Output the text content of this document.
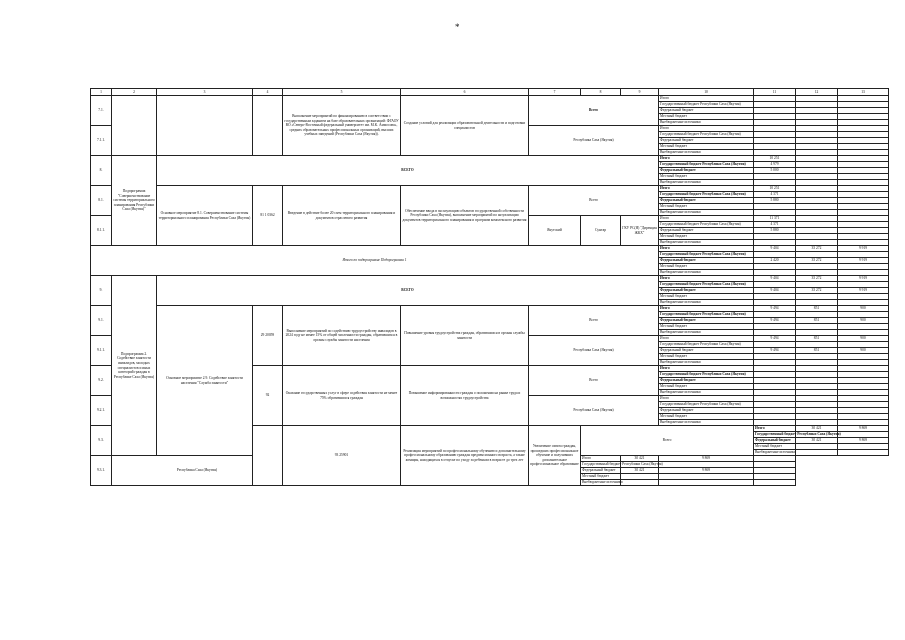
*
1	2	3	4	5	6	7	8	9	10	11	12	13	
7.1.				Выполнение мероприятий по финансированию в соответствии с государственным заданием на базе образовательных организаций: ФГАОУ ВО «Северо-Восточный федеральный университет им. М.К. Аммосова», средних образовательных профессиональных организаций, высших учебных заведений (Республики Саха (Якутия)).	Создание условий для реализации образовательной деятельности и подготовки специалистов	Всего			Итого				
									Государственный бюджет Республики Саха (Якутия)				
									Федеральный бюджет				
									Местный бюджет				
									Внебюджетные источники				
7.1.1.						Республика Саха (Якутия)			Итого				
									Государственный бюджет Республики Саха (Якутия)				
									Федеральный бюджет				
									Местный бюджет				
									Внебюджетные источники				
8.	Подпрограмма "Совершенствование системы территориального планирования Республики Саха (Якутия)"	ВСЕГО							Итого	10 251			
									Государственный бюджет Республики Саха (Якутия)	4 979			
									Федеральный бюджет	5 000			
									Местный бюджет				
									Внебюджетные источники				
8.1.		Основное мероприятие 8.1. Совершенствование системы территориального планирования Республики Саха (Якутия)	81 1 0362	Введение в действие более 20 схем территориального планирования и документов отраслевого развития	Обеспечение ввода в эксплуатацию объектов государственной собственности Республики Саха (Якутия), выполнение мероприятий по актуализации документов территориального планирования и программ комплексного развития	Всего			Итого	10 251			
									Государственный бюджет Республики Саха (Якутия)	4 371			
									Федеральный бюджет	5 880			
									Местный бюджет				
									Внебюджетные источники				
8.1.1.						Якутский	Сунтар	ГКУ РС(Я) "Дирекция ЖКХ"	Итого	11 371			
									Государственный бюджет Республики Саха (Якутия)	4 371			
									Федеральный бюджет	5 880			
									Местный бюджет				
									Внебюджетные источники				
Итого по подпрограмме Подпрограмма 1									Итого	9 404	35 272	9 919	
									Государственный бюджет Республики Саха (Якутия)				
									Федеральный бюджет	2 420	35 272	9 919	
									Местный бюджет				
									Внебюджетные источники				
9.	Подпрограмма 2. Содействие занятости инвалидов, молодых специалистов и иных категорий граждан в Республике Саха (Якутия)	ВСЕГО							Итого	9 404	35 272	9 919	
									Государственный бюджет Республики Саха (Якутия)				
									Федеральный бюджет	9 404	35 272	9 919	
									Местный бюджет				
									Внебюджетные источники				
9.1.		Основное мероприятие 2.9. Содействие занятости населения "Служба занятости"	29 20059	Выполнение мероприятий по содействию трудоустройству инвалидов в 2024 году не менее 15% от общей численности граждан, обратившихся в органы службы занятости населения	Повышение уровня трудоустройства граждан, обратившихся в органы службы занятости	Всего			Итого	9 494	851	900	
									Государственный бюджет Республики Саха (Якутия)				
									Федеральный бюджет	9 494	851	900	
									Местный бюджет				
									Внебюджетные источники				
9.1.1.						Республика Саха (Якутия)			Итого	9 494	851	900	
									Государственный бюджет Республики Саха (Якутия)				
									Федеральный бюджет	9 494	851	900	
									Местный бюджет				
									Внебюджетные источники				
9.2.			92	Оказание государственных услуг в сфере содействия занятости не менее 75% обратившихся граждан	Повышение информированности граждан о положении на рынке труда и возможностях трудоустройства	Всего			Итого				
									Государственный бюджет Республики Саха (Якутия)				
									Федеральный бюджет				
									Местный бюджет				
									Внебюджетные источники				
9.2.1.						Республика Саха (Якутия)			Итого				
									Государственный бюджет Республики Саха (Якутия)				
									Федеральный бюджет				
									Местный бюджет				
									Внебюджетные источники				
9.3.				93 25901	Реализация мероприятий по профессиональному обучению и дополнительному профессиональному образованию граждан предпенсионного возраста, а также женщин, находящихся в отпуске по уходу за ребенком в возрасте до трех лет	Увеличение охвата граждан, прошедших профессиональное обучение и получивших дополнительное профессиональное образование	Всего			Итого	30 421	9 869	
										Государственный бюджет Республики Саха (Якутия)			
										Федеральный бюджет	30 421	9 869	
										Местный бюджет			
										Внебюджетные источники			
9.3.1.	Республика Саха (Якутия)						Итого	30 421	9 869				
							Государственный бюджет Республики Саха (Якутия)						
							Федеральный бюджет	30 421	9 869				
							Местный бюджет						
							Внебюджетные источники						
